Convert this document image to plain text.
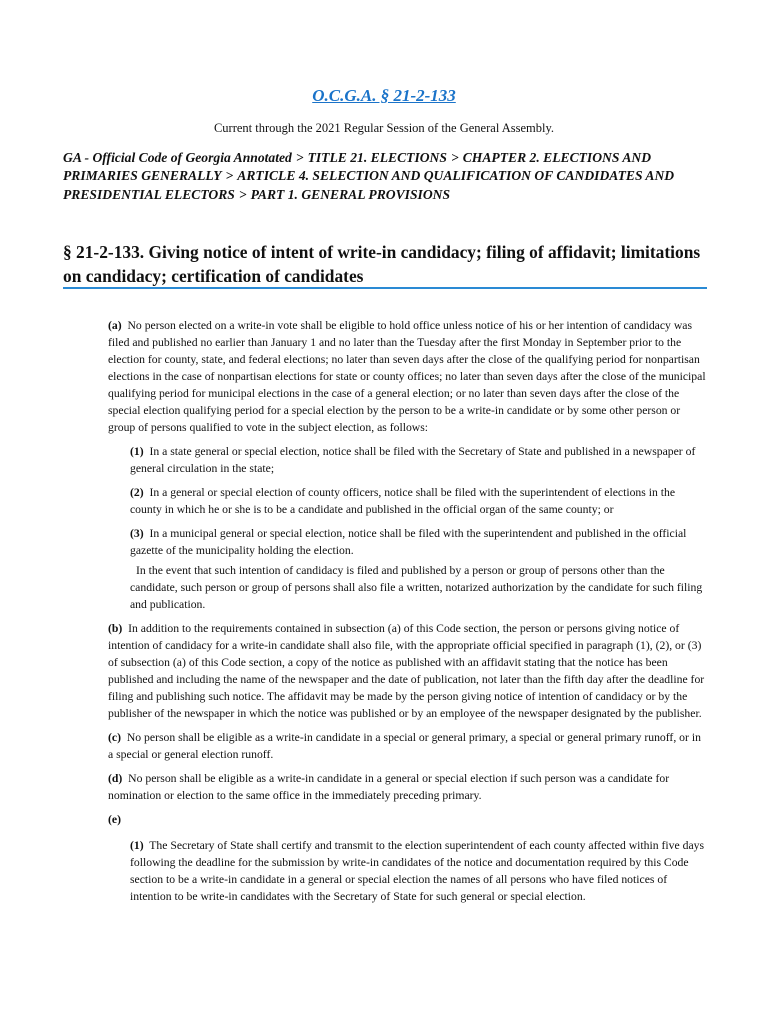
O.C.G.A. § 21-2-133
Current through the 2021 Regular Session of the General Assembly.
GA - Official Code of Georgia Annotated > TITLE 21. ELECTIONS > CHAPTER 2. ELECTIONS AND PRIMARIES GENERALLY > ARTICLE 4. SELECTION AND QUALIFICATION OF CANDIDATES AND PRESIDENTIAL ELECTORS > PART 1. GENERAL PROVISIONS
§ 21-2-133. Giving notice of intent of write-in candidacy; filing of affidavit; limitations on candidacy; certification of candidates

(a) No person elected on a write-in vote shall be eligible to hold office unless notice of his or her intention of candidacy was filed and published no earlier than January 1 and no later than the Tuesday after the first Monday in September prior to the election for county, state, and federal elections; no later than seven days after the close of the qualifying period for nonpartisan elections in the case of nonpartisan elections for state or county offices; no later than seven days after the close of the municipal qualifying period for municipal elections in the case of a general election; or no later than seven days after the close of the special election qualifying period for a special election by the person to be a write-in candidate or by some other person or group of persons qualified to vote in the subject election, as follows:

(1) In a state general or special election, notice shall be filed with the Secretary of State and published in a newspaper of general circulation in the state;

(2) In a general or special election of county officers, notice shall be filed with the superintendent of elections in the county in which he or she is to be a candidate and published in the official organ of the same county; or

(3) In a municipal general or special election, notice shall be filed with the superintendent and published in the official gazette of the municipality holding the election.

In the event that such intention of candidacy is filed and published by a person or group of persons other than the candidate, such person or group of persons shall also file a written, notarized authorization by the candidate for such filing and publication.

(b) In addition to the requirements contained in subsection (a) of this Code section, the person or persons giving notice of intention of candidacy for a write-in candidate shall also file, with the appropriate official specified in paragraph (1), (2), or (3) of subsection (a) of this Code section, a copy of the notice as published with an affidavit stating that the notice has been published and including the name of the newspaper and the date of publication, not later than the fifth day after the deadline for filing and publishing such notice. The affidavit may be made by the person giving notice of intention of candidacy or by the publisher of the newspaper in which the notice was published or by an employee of the newspaper designated by the publisher.

(c) No person shall be eligible as a write-in candidate in a special or general primary, a special or general primary runoff, or in a special or general election runoff.

(d) No person shall be eligible as a write-in candidate in a general or special election if such person was a candidate for nomination or election to the same office in the immediately preceding primary.

(e)

(1) The Secretary of State shall certify and transmit to the election superintendent of each county affected within five days following the deadline for the submission by write-in candidates of the notice and documentation required by this Code section to be a write-in candidate in a general or special election the names of all persons who have filed notices of intention to be write-in candidates with the Secretary of State for such general or special election.
